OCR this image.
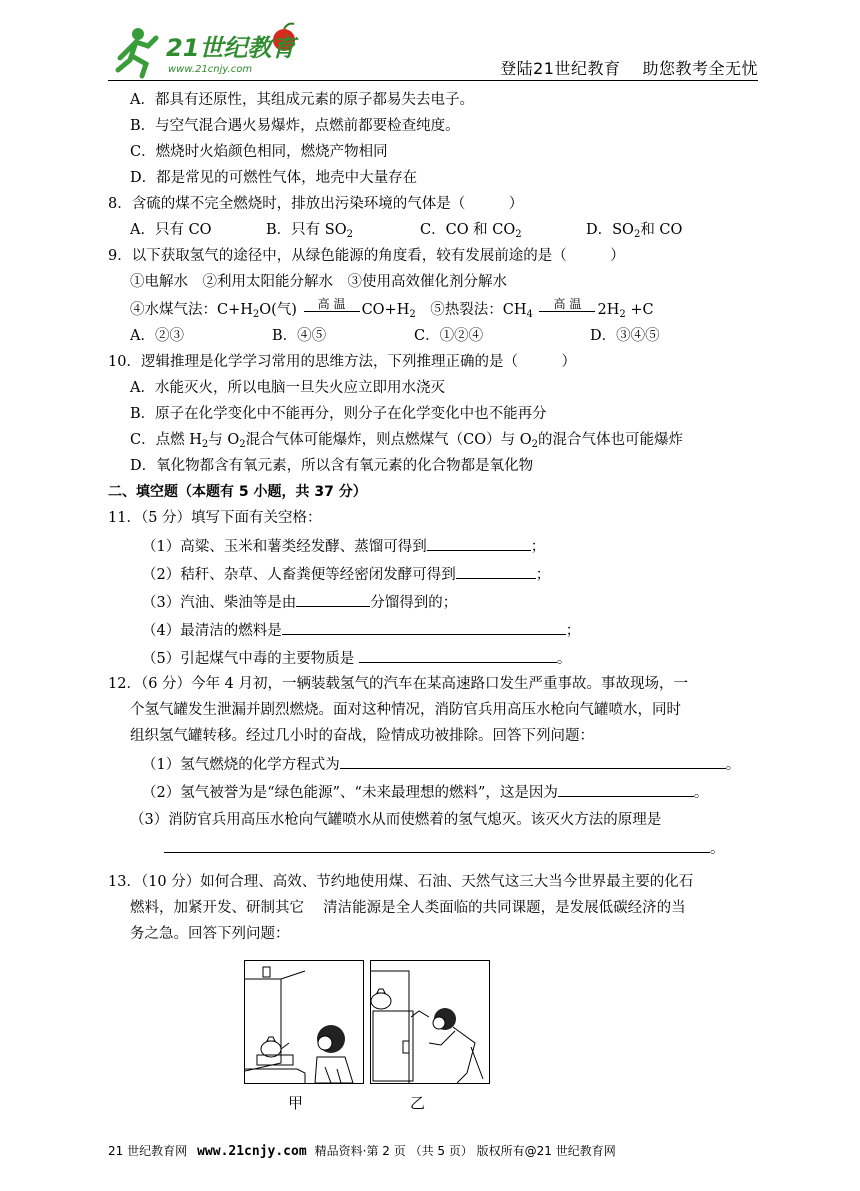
21世纪教育
www.21cnjy.com	登陆21世纪教育 助您教考全无忧
A．都具有还原性，其组成元素的原子都易失去电子。
B．与空气混合遇火易爆炸，点燃前都要检查纯度。
C．燃烧时火焰颜色相同，燃烧产物相同
D．都是常见的可燃性气体，地壳中大量存在
8．含硫的煤不完全燃烧时，排放出污染环境的气体是（　　　）
A．只有 CO	B．只有 $SO_2$	C．CO 和 $CO_2$	D．$SO_2$和 CO
9．以下获取氢气的途径中，从绿色能源的角度看，较有发展前途的是（　　　）
①电解水　②利用太阳能分解水　③使用高效催化剂分解水
④水煤气法：$C+H_2O$(气)	高 温	$CO+H_2$　⑤热裂法：$CH_4$
高 温	$2H_2 +C$
A．②③	B．④⑤	C．①②④	D．③④⑤
10．逻辑推理是化学学习常用的思维方法，下列推理正确的是（　　　）
A．水能灭火，所以电脑一旦失火应立即用水浇灭
B．原子在化学变化中不能再分，则分子在化学变化中也不能再分
C．点燃 $H_2$与 $O_2$混合气体可能爆炸，则点燃煤气（CO）与 $O_2$的混合气体也可能爆炸
D．氧化物都含有氧元素，所以含有氧元素的化合物都是氧化物
二、填空题（本题有 5 小题，共 37 分）
11．（5 分）填写下面有关空格：
（1）高粱、玉米和薯类经发酵、蒸馏可得到	；
（2）秸秆、杂草、人畜粪便等经密闭发酵可得到	；
（3）汽油、柴油等是由	分馏得到的；
（4）最清洁的燃料是	；
（5）引起煤气中毒的主要物质是	。
12．（6 分）今年 4 月初，一辆装载氢气的汽车在某高速路口发生严重事故。事故现场，一
个氢气罐发生泄漏并剧烈燃烧。面对这种情况，消防官兵用高压水枪向气罐喷水，同时
组织氢气罐转移。经过几小时的奋战，险情成功被排除。回答下列问题：
（1）氢气燃烧的化学方程式为	。
（2）氢气被誉为是“绿色能源”、“未来最理想的燃料”，这是因为	。
（3）消防官兵用高压水枪向气罐喷水从而使燃着的氢气熄灭。该灭火方法的原理是
。
13．（10 分）如何合理、高效、节约地使用煤、石油、天然气这三大当今世界最主要的化石
燃料，加紧开发、研制其它　 清洁能源是全人类面临的共同课题，是发展低碳经济的当
务之急。回答下列问题：
甲	乙
21 世纪教育网 www.21cnjy.com 精品资料·第 2 页 （共 5 页） 版权所有@21 世纪教育网
